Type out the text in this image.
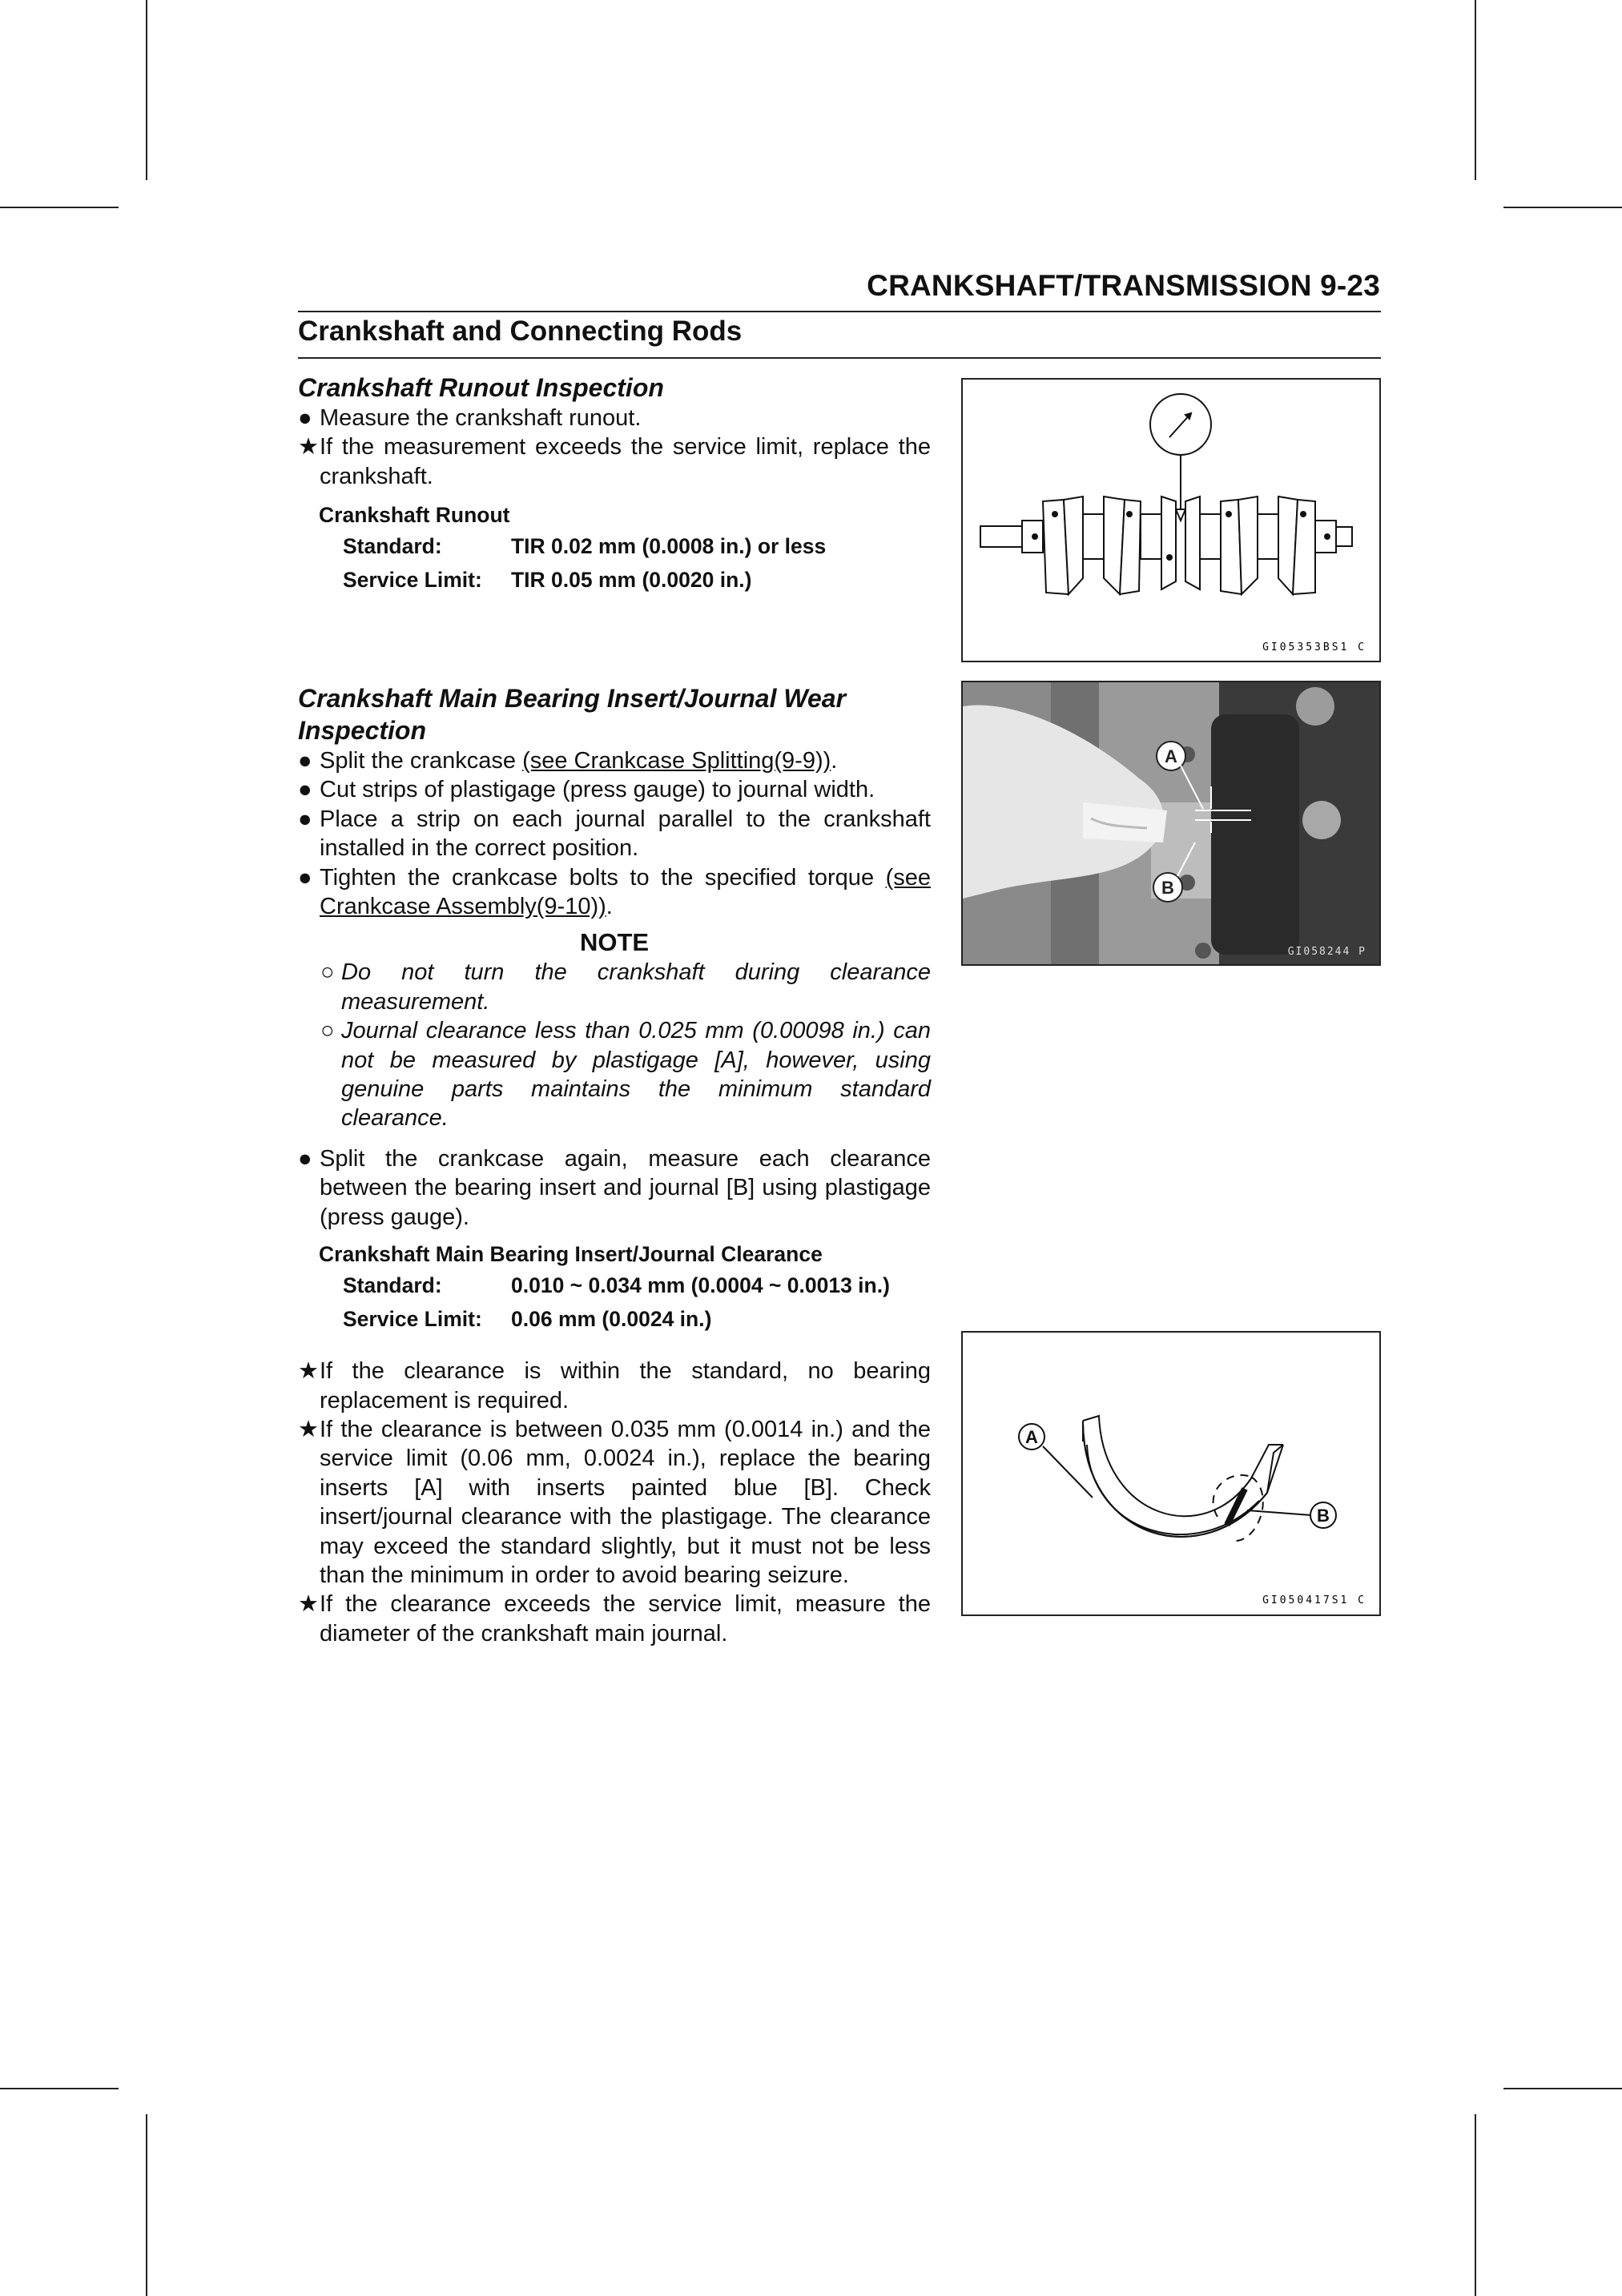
CRANKSHAFT/TRANSMISSION 9-23
Crankshaft and Connecting Rods
Crankshaft Runout Inspection
● Measure the crankshaft runout.
★ If the measurement exceeds the service limit, replace the crankshaft.
Crankshaft Runout
Standard:	TIR 0.02 mm (0.0008 in.) or less
Service Limit: TIR 0.05 mm (0.0020 in.)
GI05353BS1 C
Crankshaft Main Bearing Insert/Journal Wear Inspection
● Split the crankcase (see Crankcase Splitting(9-9)).
● Cut strips of plastigage (press gauge) to journal width.
● Place a strip on each journal parallel to the crankshaft installed in the correct position.
● Tighten the crankcase bolts to the specified torque (see Crankcase Assembly(9-10)).
NOTE
○ Do not turn the crankshaft during clearance measurement.
○ Journal clearance less than 0.025 mm (0.00098 in.) can not be measured by plastigage [A], however, using genuine parts maintains the minimum standard clearance.
● Split the crankcase again, measure each clearance between the bearing insert and journal [B] using plastigage (press gauge).
Crankshaft Main Bearing Insert/Journal Clearance
Standard:	0.010 ~ 0.034 mm (0.0004 ~ 0.0013 in.)
Service Limit: 0.06 mm (0.0024 in.)
★ If the clearance is within the standard, no bearing replacement is required.
★ If the clearance is between 0.035 mm (0.0014 in.) and the service limit (0.06 mm, 0.0024 in.), replace the bearing inserts [A] with inserts painted blue [B]. Check insert/journal clearance with the plastigage. The clearance may exceed the standard slightly, but it must not be less than the minimum in order to avoid bearing seizure.
★ If the clearance exceeds the service limit, measure the diameter of the crankshaft main journal.
A
B
GI058244 P
A
B
GI050417S1 C
